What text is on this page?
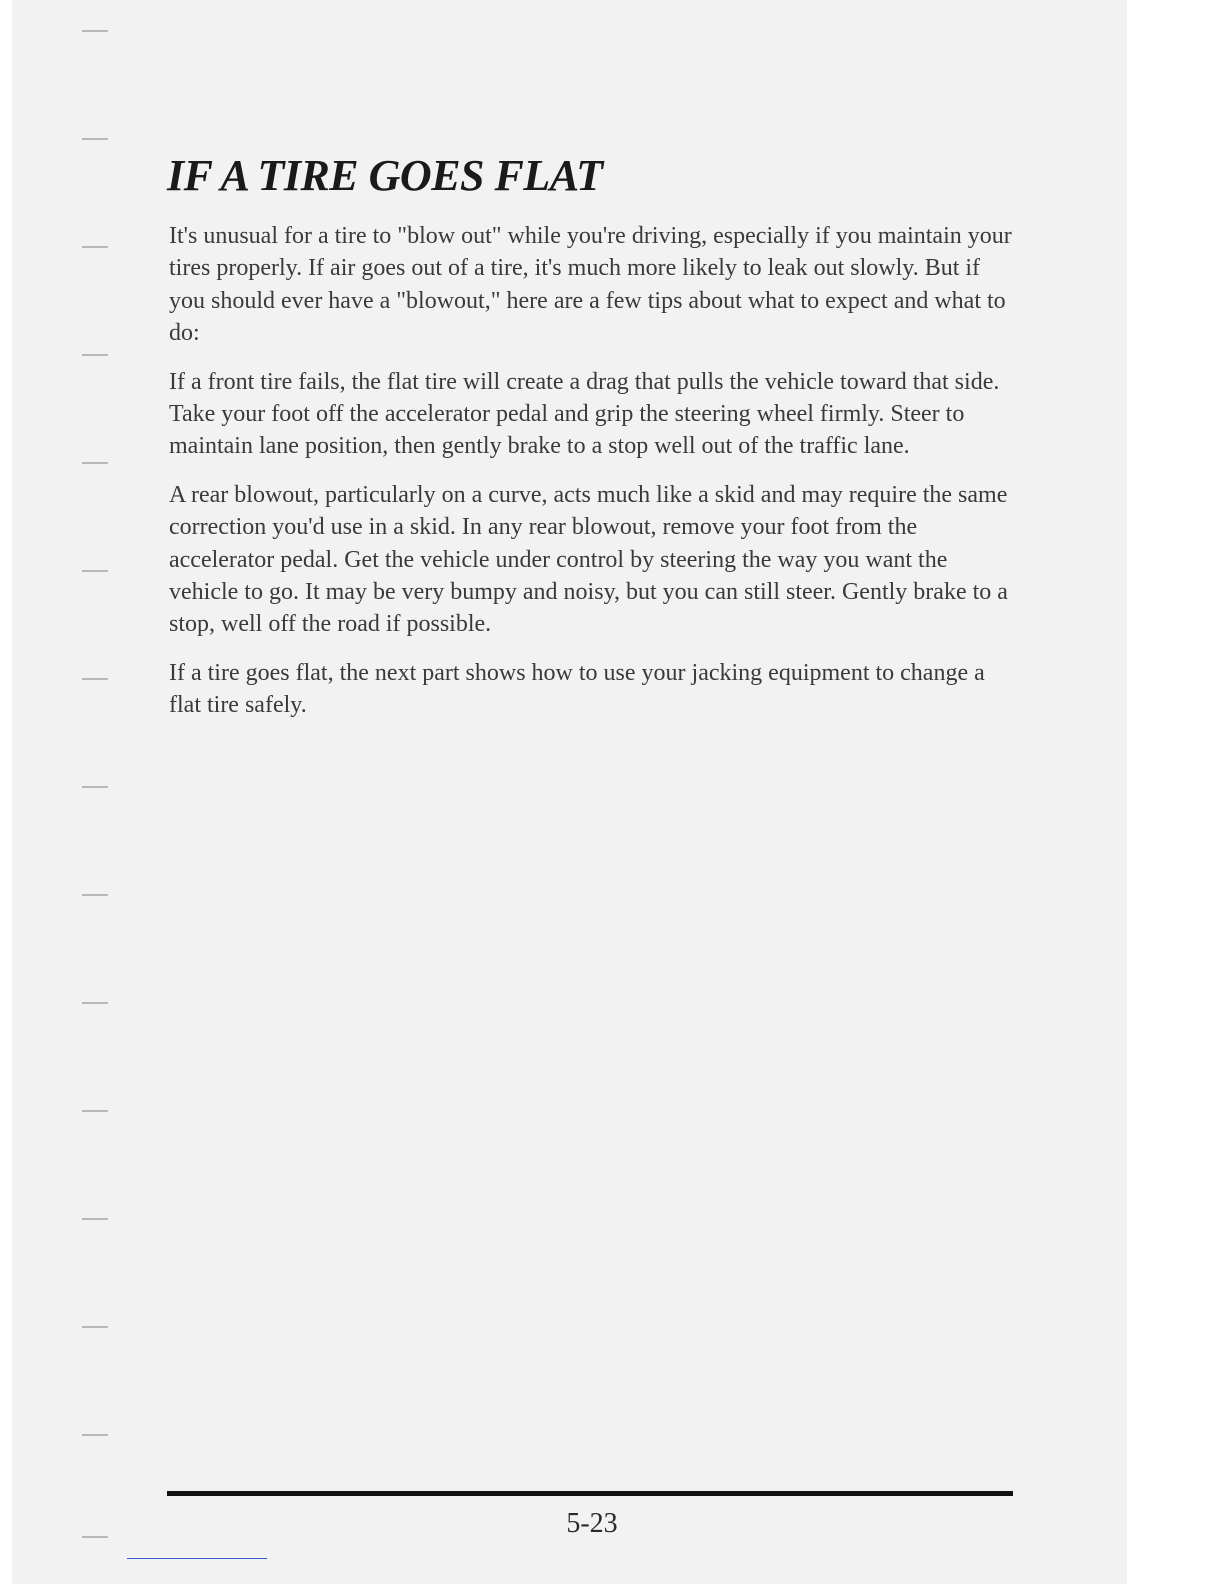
IF A TIRE GOES FLAT

It's unusual for a tire to "blow out" while you're driving, especially if you maintain your tires properly. If air goes out of a tire, it's much more likely to leak out slowly. But if you should ever have a "blowout," here are a few tips about what to expect and what to do:

If a front tire fails, the flat tire will create a drag that pulls the vehicle toward that side. Take your foot off the accelerator pedal and grip the steering wheel firmly. Steer to maintain lane position, then gently brake to a stop well out of the traffic lane.

A rear blowout, particularly on a curve, acts much like a skid and may require the same correction you'd use in a skid. In any rear blowout, remove your foot from the accelerator pedal. Get the vehicle under control by steering the way you want the vehicle to go. It may be very bumpy and noisy, but you can still steer. Gently brake to a stop, well off the road if possible.

If a tire goes flat, the next part shows how to use your jacking equipment to change a flat tire safely.

5-23
